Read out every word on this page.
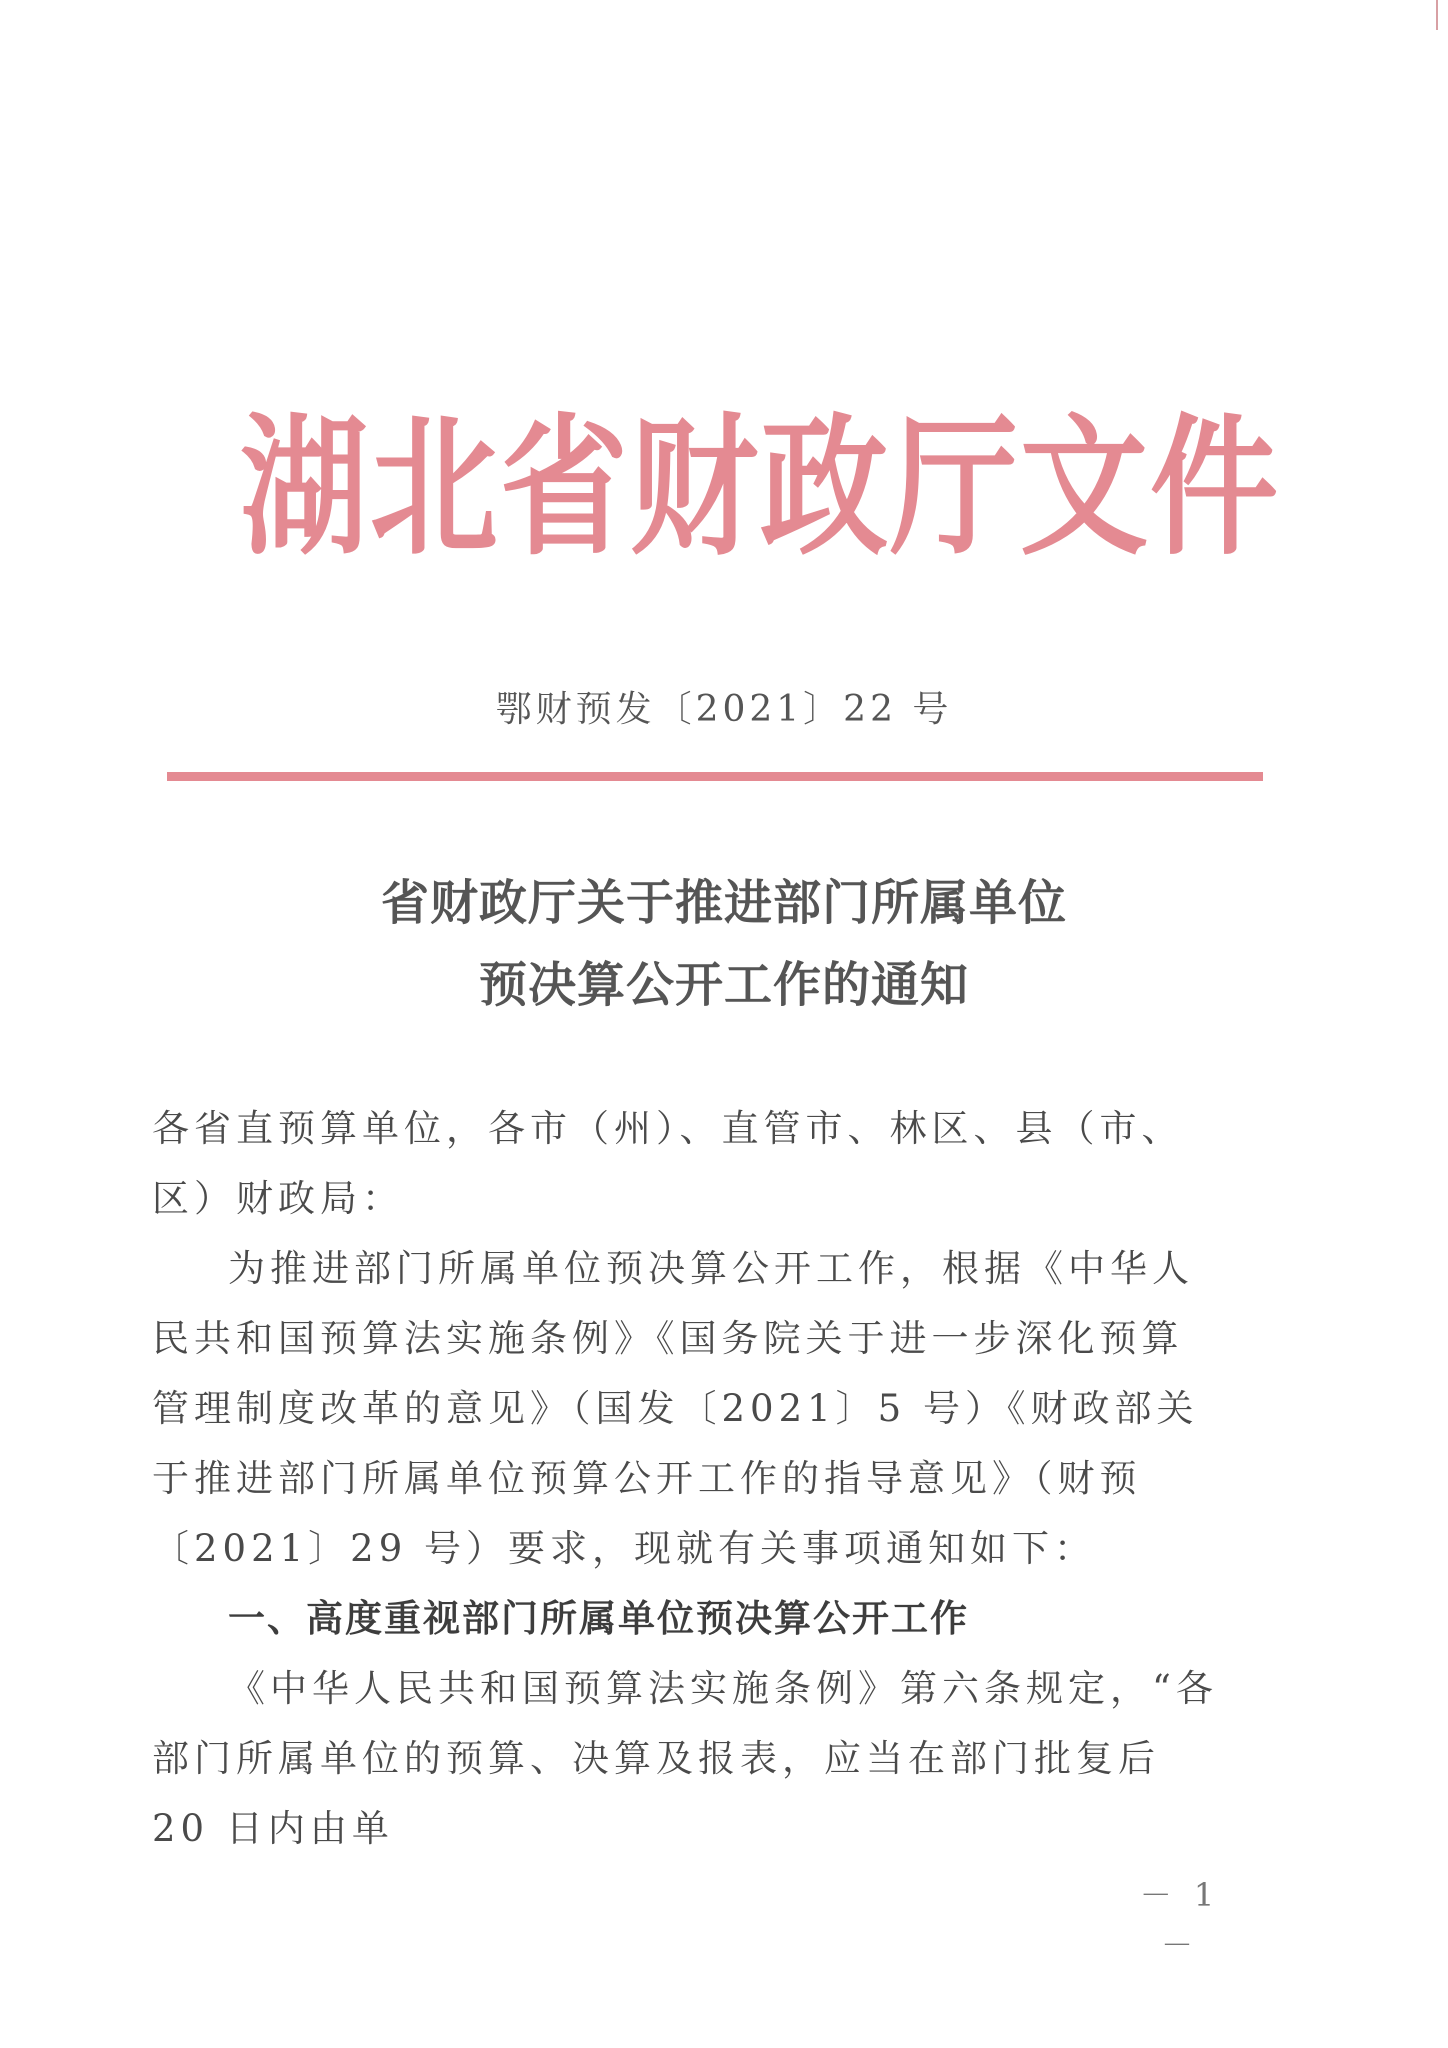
湖北省财政厅文件
鄂财预发〔2021〕22 号
省财政厅关于推进部门所属单位
预决算公开工作的通知

各省直预算单位，各市（州）、直管市、林区、县（市、区）财政局：

为推进部门所属单位预决算公开工作，根据《中华人民共和国预算法实施条例》《国务院关于进一步深化预算管理制度改革的意见》（国发〔2021〕5 号）《财政部关于推进部门所属单位预算公开工作的指导意见》（财预〔2021〕29 号）要求，现就有关事项通知如下：

一、高度重视部门所属单位预决算公开工作

《中华人民共和国预算法实施条例》第六条规定，“各部门所属单位的预算、决算及报表，应当在部门批复后 20 日内由单

－ 1 －
